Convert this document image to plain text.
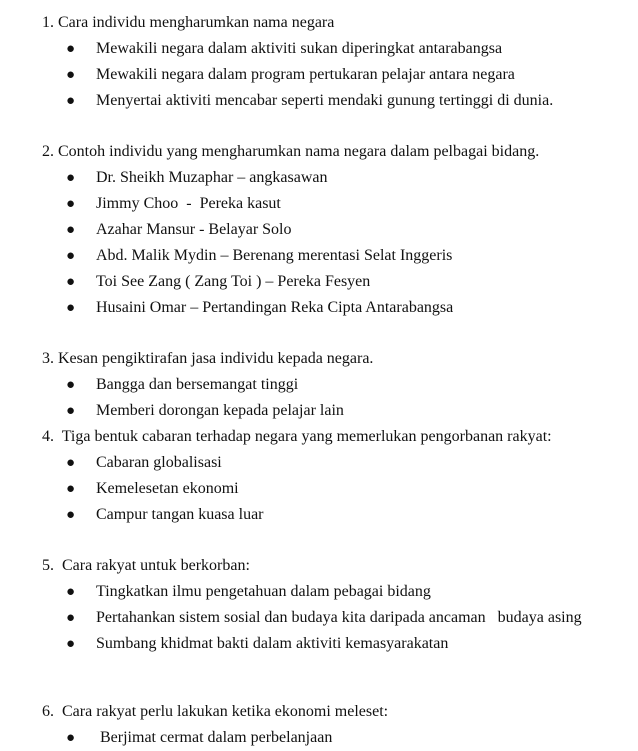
1. Cara individu mengharumkan nama negara
●	Mewakili negara dalam aktiviti sukan diperingkat antarabangsa
●	Mewakili negara dalam program pertukaran pelajar antara negara
●	Menyertai aktiviti mencabar seperti mendaki gunung tertinggi di dunia.
2. Contoh individu yang mengharumkan nama negara dalam pelbagai bidang.
●	Dr. Sheikh Muzaphar – angkasawan
●	Jimmy Choo  -  Pereka kasut
●	Azahar Mansur - Belayar Solo
●	Abd. Malik Mydin – Berenang merentasi Selat Inggeris
●	Toi See Zang ( Zang Toi ) – Pereka Fesyen
●	Husaini Omar – Pertandingan Reka Cipta Antarabangsa
3. Kesan pengiktirafan jasa individu kepada negara.
●	Bangga dan bersemangat tinggi
●	Memberi dorongan kepada pelajar lain
4.  Tiga bentuk cabaran terhadap negara yang memerlukan pengorbanan rakyat:
●	Cabaran globalisasi
●	Kemelesetan ekonomi
●	Campur tangan kuasa luar
5.  Cara rakyat untuk berkorban:
●	Tingkatkan ilmu pengetahuan dalam pebagai bidang
●	Pertahankan sistem sosial dan budaya kita daripada ancaman   budaya asing
●	Sumbang khidmat bakti dalam aktiviti kemasyarakatan
6.  Cara rakyat perlu lakukan ketika ekonomi meleset:
●	Berjimat cermat dalam perbelanjaan
